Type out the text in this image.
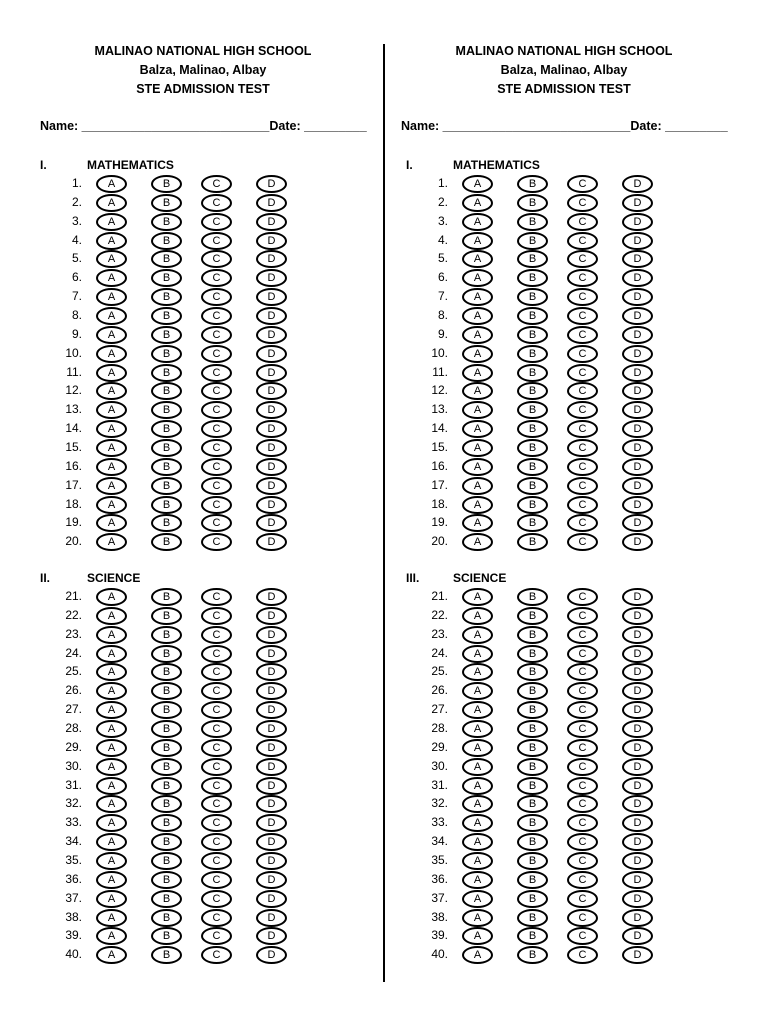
MALINAO NATIONAL HIGH SCHOOL
Balza, Malinao, Albay
STE ADMISSION TEST
Name: ___________________________Date: _________
I.	MATHEMATICS
1.	A	B	C	D
2.	A	B	C	D
3.	A	B	C	D
4.	A	B	C	D
5.	A	B	C	D
6.	A	B	C	D
7.	A	B	C	D
8.	A	B	C	D
9.	A	B	C	D
10.	A	B	C	D
11.	A	B	C	D
12.	A	B	C	D
13.	A	B	C	D
14.	A	B	C	D
15.	A	B	C	D
16.	A	B	C	D
17.	A	B	C	D
18.	A	B	C	D
19.	A	B	C	D
20.	A	B	C	D
II.	SCIENCE
21.	A	B	C	D
22.	A	B	C	D
23.	A	B	C	D
24.	A	B	C	D
25.	A	B	C	D
26.	A	B	C	D
27.	A	B	C	D
28.	A	B	C	D
29.	A	B	C	D
30.	A	B	C	D
31.	A	B	C	D
32.	A	B	C	D
33.	A	B	C	D
34.	A	B	C	D
35.	A	B	C	D
36.	A	B	C	D
37.	A	B	C	D
38.	A	B	C	D
39.	A	B	C	D
40.	A	B	C	D
MALINAO NATIONAL HIGH SCHOOL
Balza, Malinao, Albay
STE ADMISSION TEST
Name: ___________________________Date: _________
I.	MATHEMATICS
1.	A	B	C	D
2.	A	B	C	D
3.	A	B	C	D
4.	A	B	C	D
5.	A	B	C	D
6.	A	B	C	D
7.	A	B	C	D
8.	A	B	C	D
9.	A	B	C	D
10.	A	B	C	D
11.	A	B	C	D
12.	A	B	C	D
13.	A	B	C	D
14.	A	B	C	D
15.	A	B	C	D
16.	A	B	C	D
17.	A	B	C	D
18.	A	B	C	D
19.	A	B	C	D
20.	A	B	C	D
III.	SCIENCE
21.	A	B	C	D
22.	A	B	C	D
23.	A	B	C	D
24.	A	B	C	D
25.	A	B	C	D
26.	A	B	C	D
27.	A	B	C	D
28.	A	B	C	D
29.	A	B	C	D
30.	A	B	C	D
31.	A	B	C	D
32.	A	B	C	D
33.	A	B	C	D
34.	A	B	C	D
35.	A	B	C	D
36.	A	B	C	D
37.	A	B	C	D
38.	A	B	C	D
39.	A	B	C	D
40.	A	B	C	D
